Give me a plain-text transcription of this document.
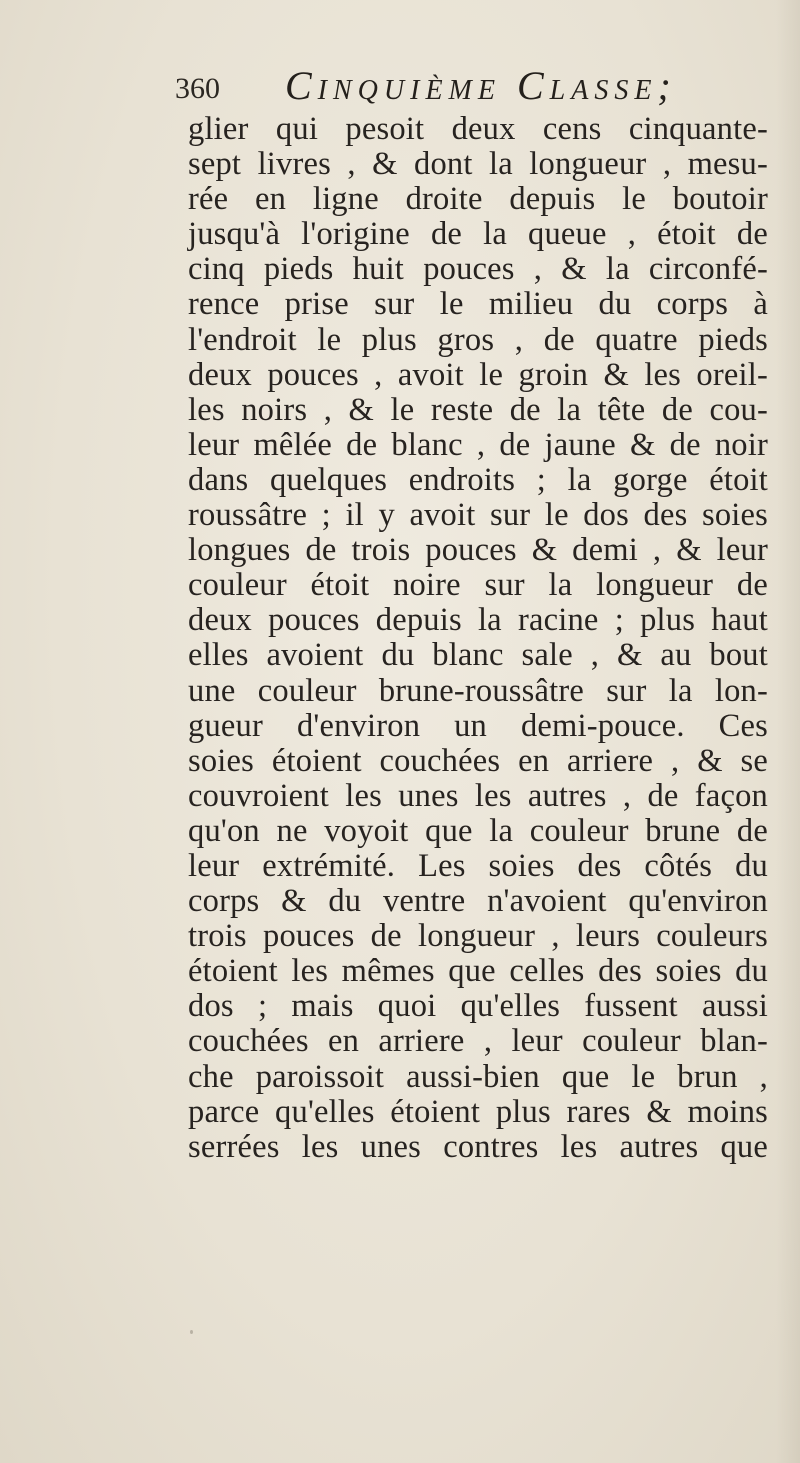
360 Cinquième Classe;
glier qui pesoit deux cens cinquante-
sept livres , & dont la longueur , mesu-
rée en ligne droite depuis le boutoir
jusqu'à l'origine de la queue , étoit de
cinq pieds huit pouces , & la circonfé-
rence prise sur le milieu du corps à
l'endroit le plus gros , de quatre pieds
deux pouces , avoit le groin & les oreil-
les noirs , & le reste de la tête de cou-
leur mêlée de blanc , de jaune & de noir
dans quelques endroits ; la gorge étoit
roussâtre ; il y avoit sur le dos des soies
longues de trois pouces & demi , & leur
couleur étoit noire sur la longueur de
deux pouces depuis la racine ; plus haut
elles avoient du blanc sale , & au bout
une couleur brune-roussâtre sur la lon-
gueur d'environ un demi-pouce. Ces
soies étoient couchées en arriere , & se
couvroient les unes les autres , de façon
qu'on ne voyoit que la couleur brune de
leur extrémité. Les soies des côtés du
corps & du ventre n'avoient qu'environ
trois pouces de longueur , leurs couleurs
étoient les mêmes que celles des soies du
dos ; mais quoi qu'elles fussent aussi
couchées en arriere , leur couleur blan-
che paroissoit aussi-bien que le brun ,
parce qu'elles étoient plus rares & moins
serrées les unes contres les autres que
